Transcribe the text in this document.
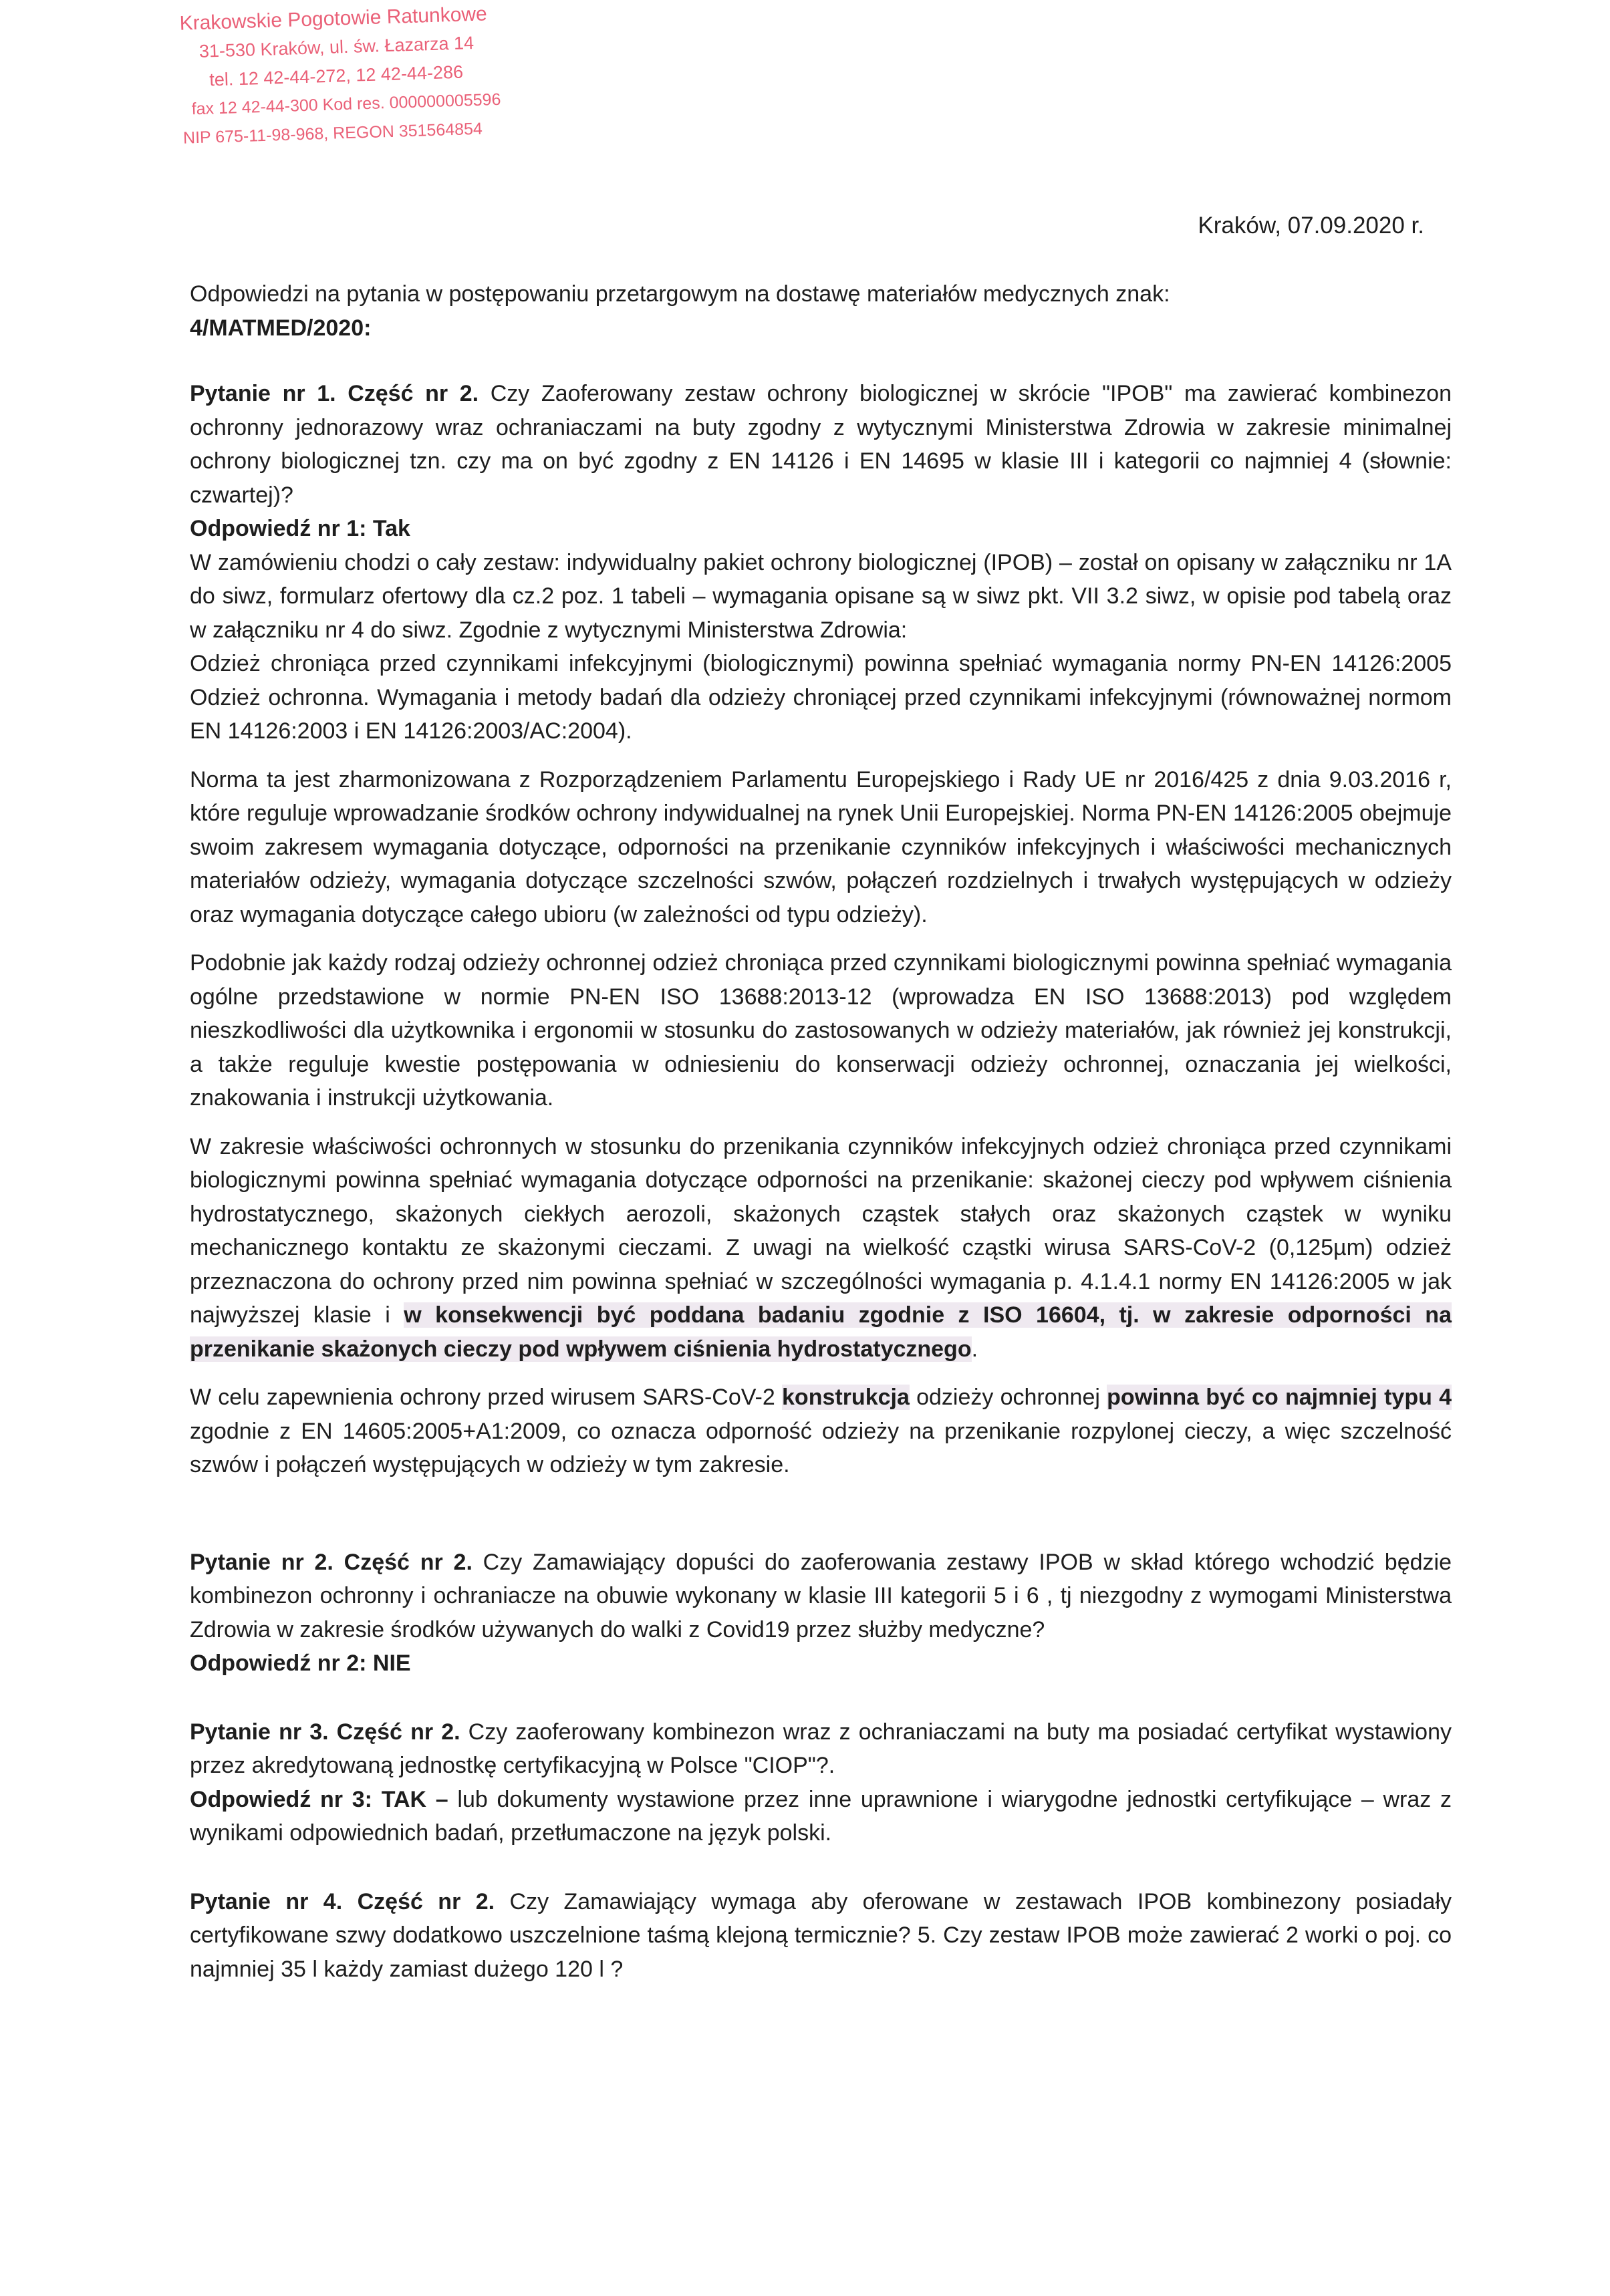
Krakowskie Pogotowie Ratunkowe
31-530 Kraków, ul. św. Łazarza 14
tel. 12 42-44-272, 12 42-44-286
fax 12 42-44-300 Kod res. 000000005596
NIP 675-11-98-968, REGON 351564854
Kraków, 07.09.2020 r.

Odpowiedzi na pytania w postępowaniu przetargowym na dostawę materiałów medycznych znak:
4/MATMED/2020:

Pytanie nr 1. Część nr 2. Czy Zaoferowany zestaw ochrony biologicznej w skrócie "IPOB" ma zawierać kombinezon ochronny jednorazowy wraz ochraniaczami na buty zgodny z wytycznymi Ministerstwa Zdrowia w zakresie minimalnej ochrony biologicznej tzn. czy ma on być zgodny z EN 14126 i EN 14695 w klasie III i kategorii co najmniej 4 (słownie: czwartej)?

Odpowiedź nr 1: Tak

W zamówieniu chodzi o cały zestaw: indywidualny pakiet ochrony biologicznej (IPOB) – został on opisany w załączniku nr 1A do siwz, formularz ofertowy dla cz.2 poz. 1 tabeli – wymagania opisane są w siwz pkt. VII 3.2 siwz, w opisie pod tabelą oraz w załączniku nr 4 do siwz. Zgodnie z wytycznymi Ministerstwa Zdrowia:

Odzież chroniąca przed czynnikami infekcyjnymi (biologicznymi) powinna spełniać wymagania normy PN-EN 14126:2005 Odzież ochronna. Wymagania i metody badań dla odzieży chroniącej przed czynnikami infekcyjnymi (równoważnej normom EN 14126:2003 i EN 14126:2003/AC:2004).

Norma ta jest zharmonizowana z Rozporządzeniem Parlamentu Europejskiego i Rady UE nr 2016/425 z dnia 9.03.2016 r, które reguluje wprowadzanie środków ochrony indywidualnej na rynek Unii Europejskiej. Norma PN-EN 14126:2005 obejmuje swoim zakresem wymagania dotyczące, odporności na przenikanie czynników infekcyjnych i właściwości mechanicznych materiałów odzieży, wymagania dotyczące szczelności szwów, połączeń rozdzielnych i trwałych występujących w odzieży oraz wymagania dotyczące całego ubioru (w zależności od typu odzieży).

Podobnie jak każdy rodzaj odzieży ochronnej odzież chroniąca przed czynnikami biologicznymi powinna spełniać wymagania ogólne przedstawione w normie PN-EN ISO 13688:2013-12 (wprowadza EN ISO 13688:2013) pod względem nieszkodliwości dla użytkownika i ergonomii w stosunku do zastosowanych w odzieży materiałów, jak również jej konstrukcji, a także reguluje kwestie postępowania w odniesieniu do konserwacji odzieży ochronnej, oznaczania jej wielkości, znakowania i instrukcji użytkowania.

W zakresie właściwości ochronnych w stosunku do przenikania czynników infekcyjnych odzież chroniąca przed czynnikami biologicznymi powinna spełniać wymagania dotyczące odporności na przenikanie: skażonej cieczy pod wpływem ciśnienia hydrostatycznego, skażonych ciekłych aerozoli, skażonych cząstek stałych oraz skażonych cząstek w wyniku mechanicznego kontaktu ze skażonymi cieczami. Z uwagi na wielkość cząstki wirusa SARS-CoV-2 (0,125µm) odzież przeznaczona do ochrony przed nim powinna spełniać w szczególności wymagania p. 4.1.4.1 normy EN 14126:2005 w jak najwyższej klasie i w konsekwencji być poddana badaniu zgodnie z ISO 16604, tj. w zakresie odporności na przenikanie skażonych cieczy pod wpływem ciśnienia hydrostatycznego.

W celu zapewnienia ochrony przed wirusem SARS-CoV-2 konstrukcja odzieży ochronnej powinna być co najmniej typu 4 zgodnie z EN 14605:2005+A1:2009, co oznacza odporność odzieży na przenikanie rozpylonej cieczy, a więc szczelność szwów i połączeń występujących w odzieży w tym zakresie.

Pytanie nr 2. Część nr 2. Czy Zamawiający dopuści do zaoferowania zestawy IPOB w skład którego wchodzić będzie kombinezon ochronny i ochraniacze na obuwie wykonany w klasie III kategorii 5 i 6 , tj niezgodny z wymogami Ministerstwa Zdrowia w zakresie środków używanych do walki z Covid19 przez służby medyczne?

Odpowiedź nr 2: NIE

Pytanie nr 3. Część nr 2. Czy zaoferowany kombinezon wraz z ochraniaczami na buty ma posiadać certyfikat wystawiony przez akredytowaną jednostkę certyfikacyjną w Polsce "CIOP"?.

Odpowiedź nr 3: TAK – lub dokumenty wystawione przez inne uprawnione i wiarygodne jednostki certyfikujące – wraz z wynikami odpowiednich badań, przetłumaczone na język polski.

Pytanie nr 4. Część nr 2. Czy Zamawiający wymaga aby oferowane w zestawach IPOB kombinezony posiadały certyfikowane szwy dodatkowo uszczelnione taśmą klejoną termicznie? 5. Czy zestaw IPOB może zawierać 2 worki o poj. co najmniej 35 l każdy zamiast dużego 120 l ?
